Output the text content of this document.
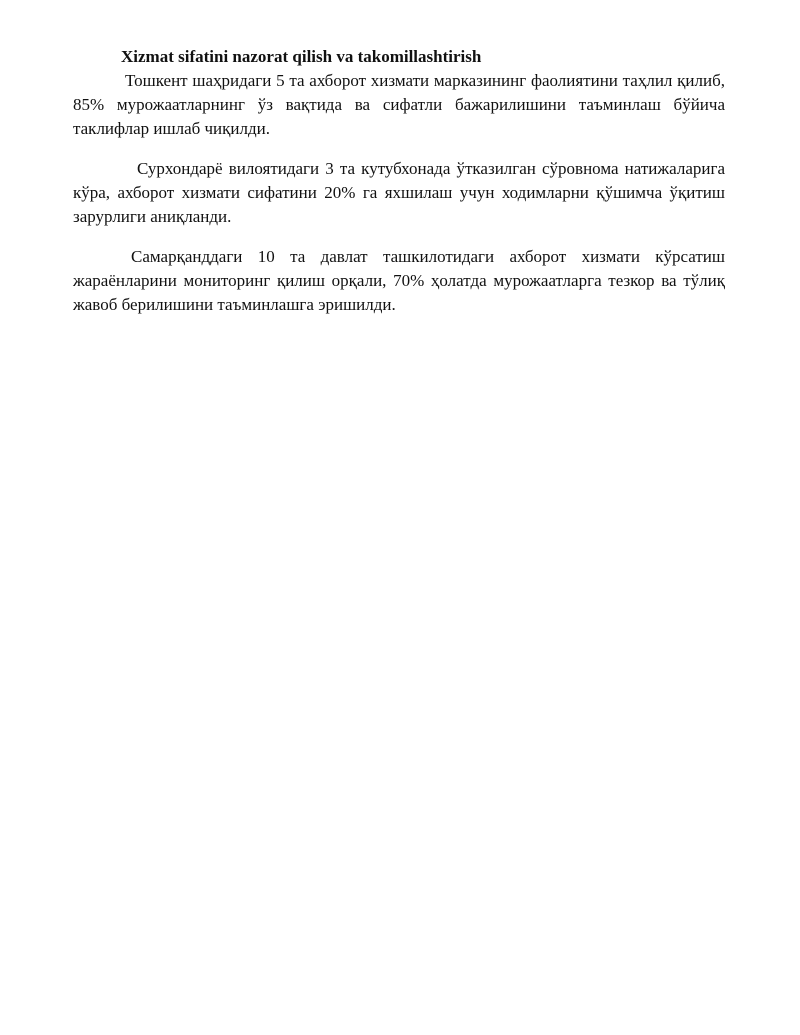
Xizmat sifatini nazorat qilish va takomillashtirish

Тошкент шаҳридаги 5 та ахборот хизмати марказининг фаолиятини таҳлил қилиб, 85% мурожаатларнинг ўз вақтида ва сифатли бажарилишини таъминлаш бўйича таклифлар ишлаб чиқилди.

Сурхондарё вилоятидаги 3 та кутубхонада ўтказилган сўровнома натижаларига кўра, ахборот хизмати сифатини 20% га яхшилаш учун ходимларни қўшимча ўқитиш зарурлиги аниқланди.

Самарқанддаги 10 та давлат ташкилотидаги ахборот хизмати кўрсатиш жараёнларини мониторинг қилиш орқали, 70% ҳолатда мурожаатларга тезкор ва тўлиқ жавоб берилишини таъминлашга эришилди.
